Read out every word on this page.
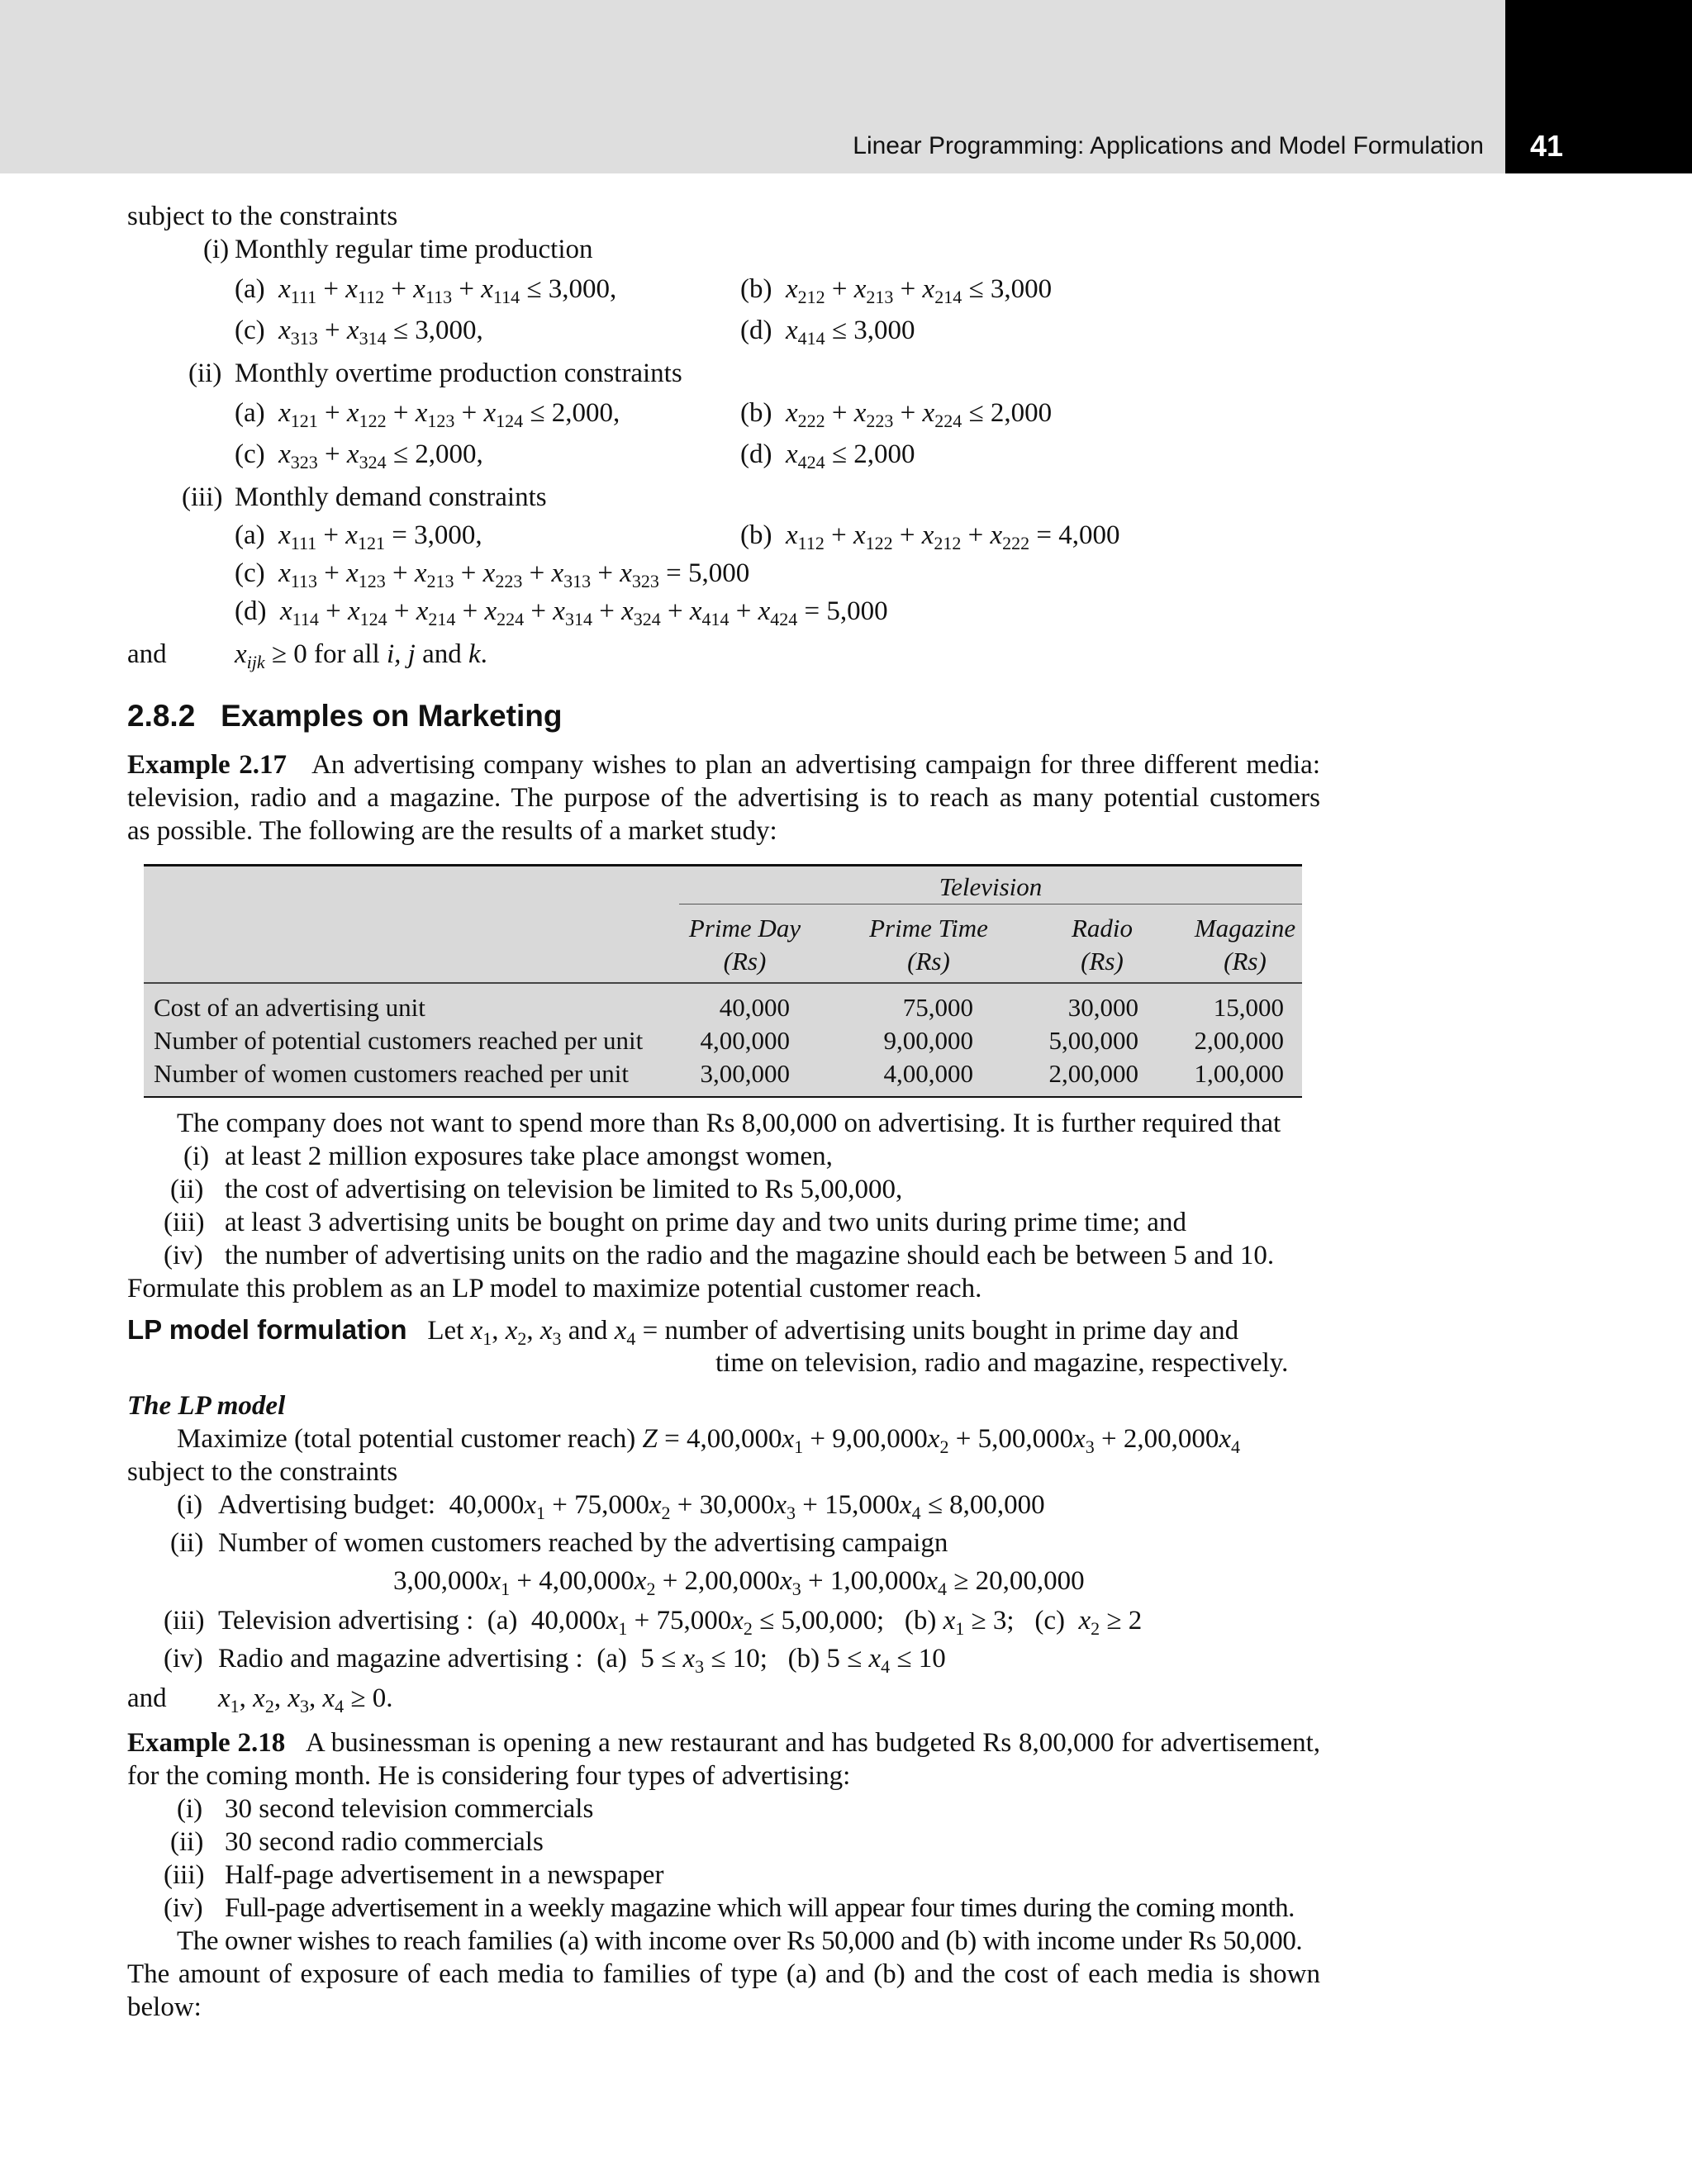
Linear Programming: Applications and Model Formulation	41
subject to the constraints
(i) Monthly regular time production
(a)  $x_{111} + x_{112} + x_{113} + x_{114} \le 3,000$,	(b)  $x_{212} + x_{213} + x_{214} \le 3,000$
(c)  $x_{313} + x_{314} \le 3,000$,	(d)  $x_{414} \le 3,000$
(ii) Monthly overtime production constraints
(a)  $x_{121} + x_{122} + x_{123} + x_{124} \le 2,000$,	(b)  $x_{222} + x_{223} + x_{224} \le 2,000$
(c)  $x_{323} + x_{324} \le 2,000$,	(d)  $x_{424} \le 2,000$
(iii) Monthly demand constraints
(a)  $x_{111} + x_{121} = 3,000$,	(b)  $x_{112} + x_{122} + x_{212} + x_{222} = 4,000$
(c)  $x_{113} + x_{123} + x_{213} + x_{223} + x_{313} + x_{323} = 5,000$
(d)  $x_{114} + x_{124} + x_{214} + x_{224} + x_{314} + x_{324} + x_{414} + x_{424} = 5,000$
and $x_{ijk} \ge 0$ for all i, j and k.
2.8.2 Examples on Marketing
Example 2.17 An advertising company wishes to plan an advertising campaign for three different media:
television, radio and a magazine. The purpose of the advertising is to reach as many potential customers
as possible. The following are the results of a market study:
Television
Prime Day
(Rs)
Prime Time
(Rs)
Radio
(Rs)
Magazine
(Rs)
Cost of an advertising unit	40,000	75,000	30,000	15,000
Number of potential customers reached per unit	4,00,000	9,00,000	5,00,000	2,00,000
Number of women customers reached per unit	3,00,000	4,00,000	2,00,000	1,00,000
The company does not want to spend more than Rs 8,00,000 on advertising. It is further required that
(i) at least 2 million exposures take place amongst women,
(ii) the cost of advertising on television be limited to Rs 5,00,000,
(iii) at least 3 advertising units be bought on prime day and two units during prime time; and
(iv) the number of advertising units on the radio and the magazine should each be between 5 and 10.
Formulate this problem as an LP model to maximize potential customer reach.
LP model formulation   Let $x_1$, $x_2$, $x_3$ and $x_4$ = number of advertising units bought in prime day and
time on television, radio and magazine, respectively.
The LP model
Maximize (total potential customer reach) $Z = 4,00,000x_1 + 9,00,000x_2 + 5,00,000x_3 + 2,00,000x_4$
subject to the constraints
(i) Advertising budget:  $40,000x_1 + 75,000x_2 + 30,000x_3 + 15,000x_4 \le 8,00,000$
(ii) Number of women customers reached by the advertising campaign
$3,00,000x_1 + 4,00,000x_2 + 2,00,000x_3 + 1,00,000x_4 \ge 20,00,000$
(iii) Television advertising :  (a)  $40,000x_1 + 75,000x_2 \le 5,00,000$;   (b) $x_1 \ge 3$;   (c)  $x_2 \ge 2$
(iv) Radio and magazine advertising :  (a)  $5 \le x_3 \le 10$;   (b) $5 \le x_4 \le 10$
and $x_1$, $x_2$, $x_3$, $x_4 \ge 0$.
Example 2.18 A businessman is opening a new restaurant and has budgeted Rs 8,00,000 for advertisement,
for the coming month. He is considering four types of advertising:
(i) 30 second television commercials
(ii) 30 second radio commercials
(iii) Half-page advertisement in a newspaper
(iv) Full-page advertisement in a weekly magazine which will appear four times during the coming month.
The owner wishes to reach families (a) with income over Rs 50,000 and (b) with income under Rs 50,000.
The amount of exposure of each media to families of type (a) and (b) and the cost of each media is shown
below:
